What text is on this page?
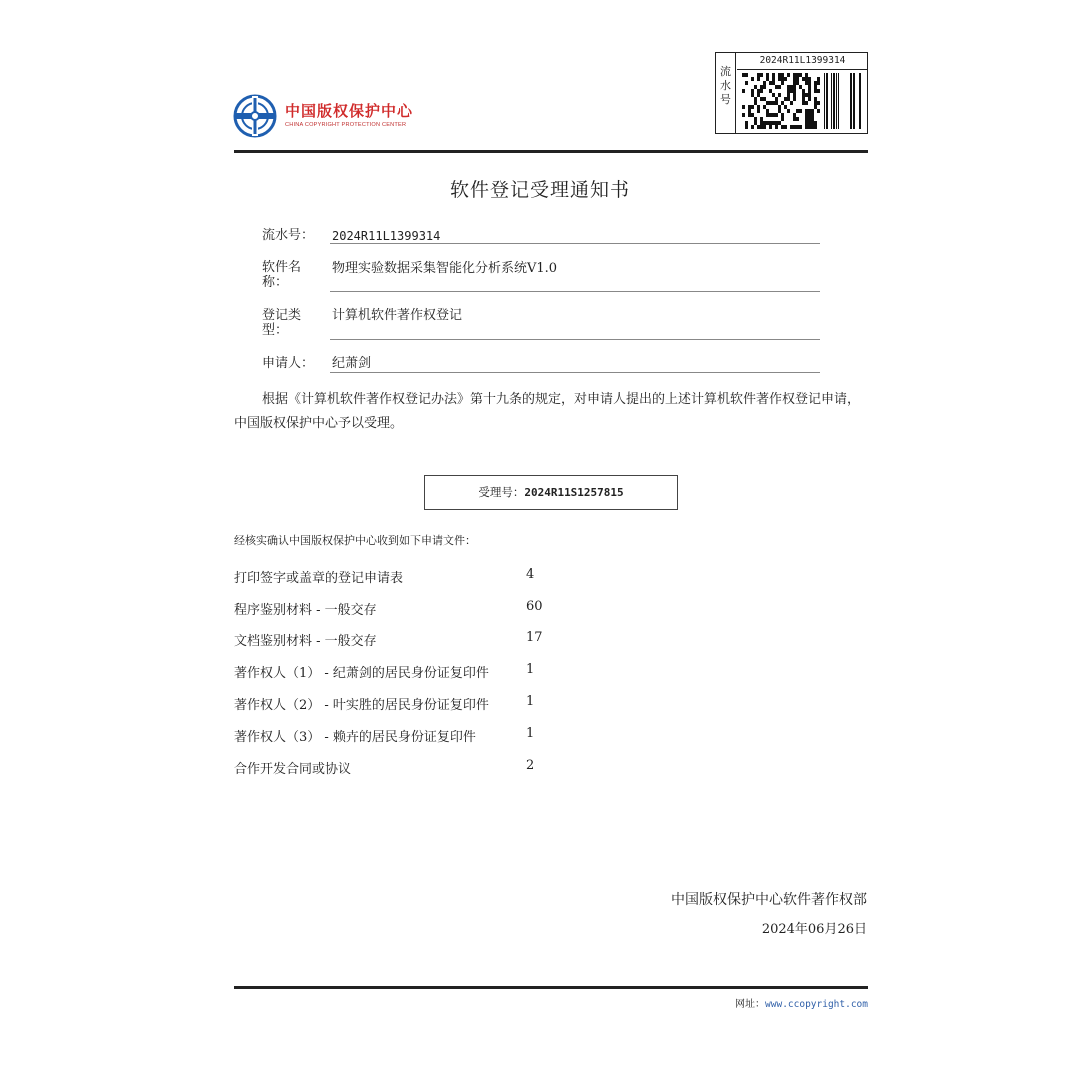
中国版权保护中心
CHINA COPYRIGHT PROTECTION CENTER
流水号
2024R11L1399314
软件登记受理通知书
流水号：	2024R11L1399314
软件名称：
物理实验数据采集智能化分析系统V1.0
登记类型：
计算机软件著作权登记
申请人：	纪萧剑
根据《计算机软件著作权登记办法》第十九条的规定，对申请人提出的上述计算机软件著作权登记申请，中国版权保护中心予以受理。
受理号：2024R11S1257815
经核实确认中国版权保护中心收到如下申请文件：
打印签字或盖章的登记申请表	4
程序鉴别材料 - 一般交存	60
文档鉴别材料 - 一般交存	17
著作权人（1） - 纪萧剑的居民身份证复印件	1
著作权人（2） - 叶实胜的居民身份证复印件	1
著作权人（3） - 赖卉的居民身份证复印件	1
合作开发合同或协议	2
中国版权保护中心软件著作权部
2024年06月26日
网址：www.ccopyright.com
